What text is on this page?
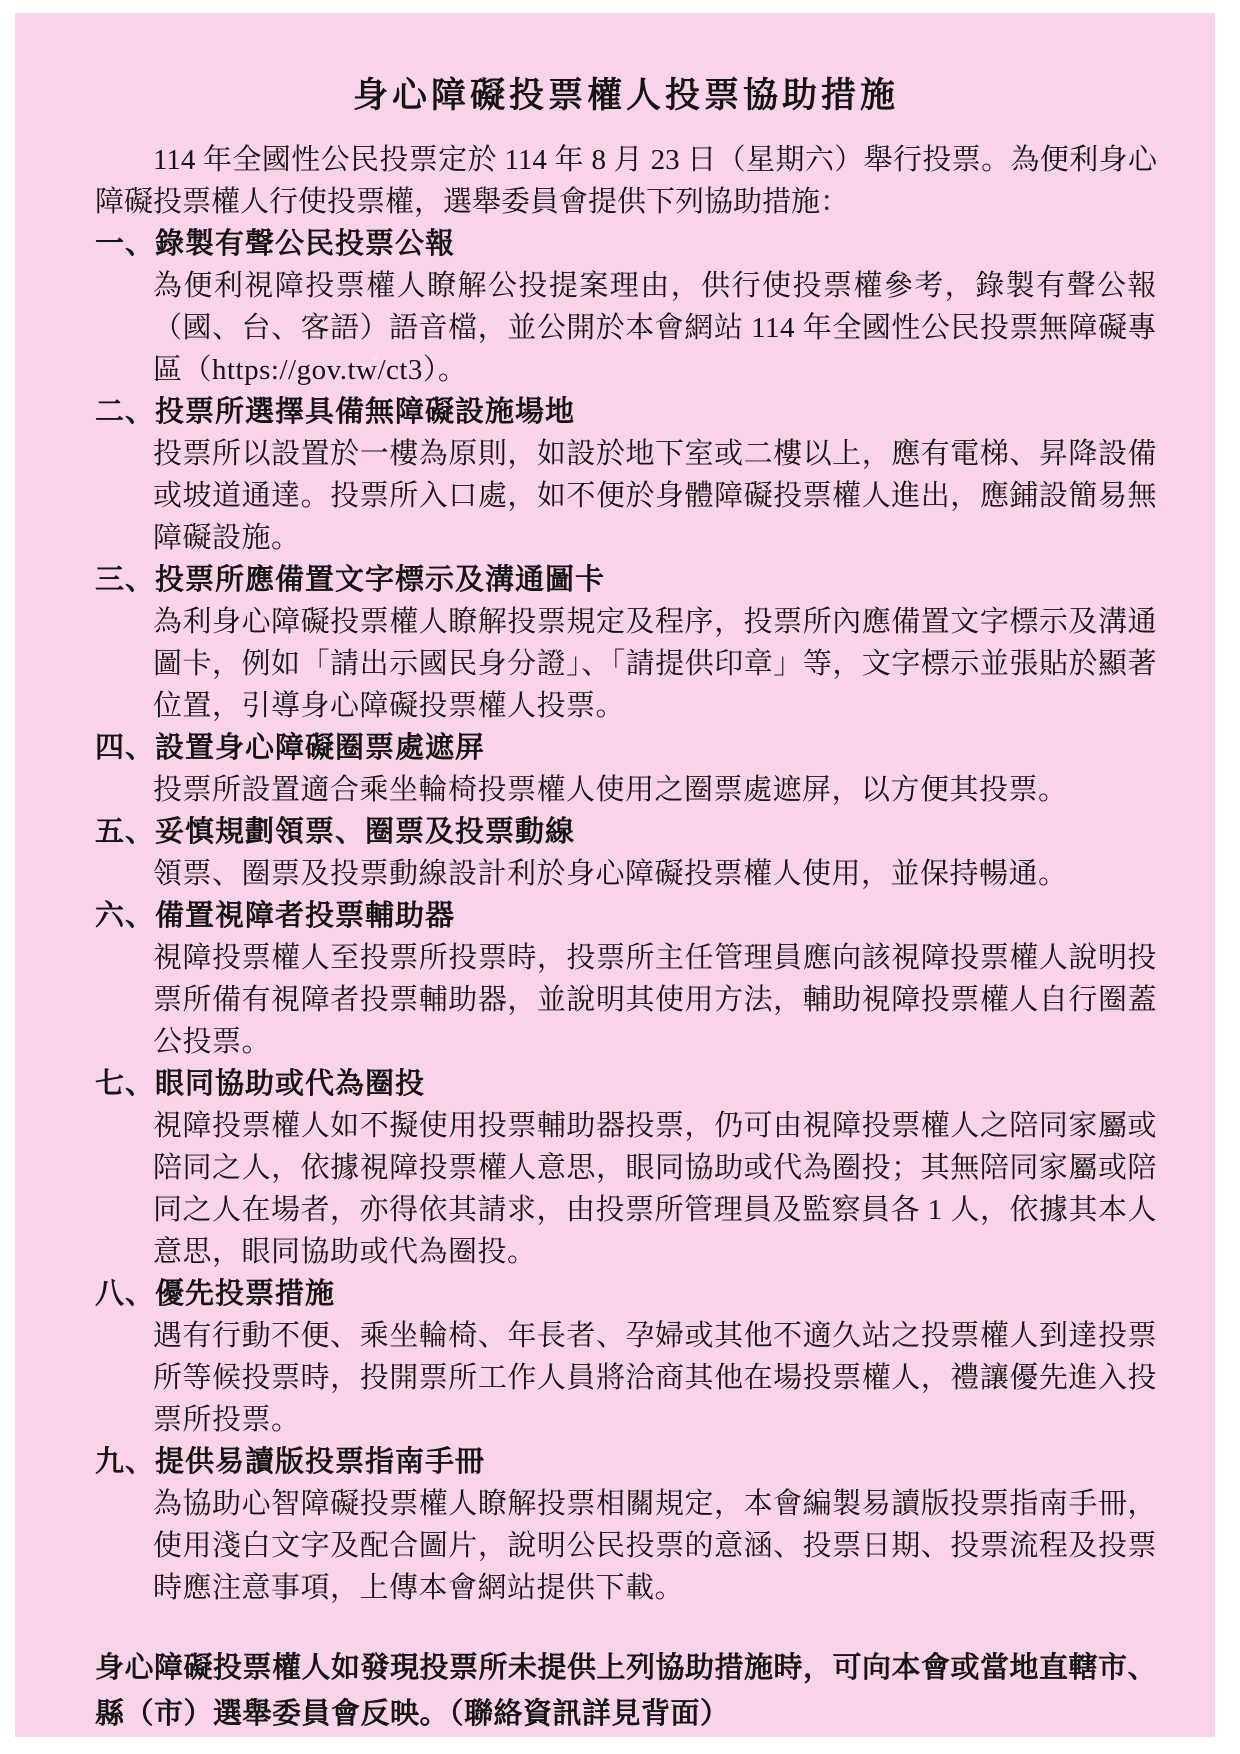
身心障礙投票權人投票協助措施

114 年全國性公民投票定於 114 年 8 月 23 日（星期六）舉行投票。為便利身心障礙投票權人行使投票權，選舉委員會提供下列協助措施：

一、錄製有聲公民投票公報
為便利視障投票權人瞭解公投提案理由，供行使投票權參考，錄製有聲公報（國、台、客語）語音檔，並公開於本會網站 114 年全國性公民投票無障礙專區（https://gov.tw/ct3）。
二、投票所選擇具備無障礙設施場地
投票所以設置於一樓為原則，如設於地下室或二樓以上，應有電梯、昇降設備或坡道通達。投票所入口處，如不便於身體障礙投票權人進出，應鋪設簡易無障礙設施。
三、投票所應備置文字標示及溝通圖卡
為利身心障礙投票權人瞭解投票規定及程序，投票所內應備置文字標示及溝通圖卡，例如「請出示國民身分證」、「請提供印章」等，文字標示並張貼於顯著位置，引導身心障礙投票權人投票。
四、設置身心障礙圈票處遮屏
投票所設置適合乘坐輪椅投票權人使用之圈票處遮屏，以方便其投票。
五、妥慎規劃領票、圈票及投票動線
領票、圈票及投票動線設計利於身心障礙投票權人使用，並保持暢通。
六、備置視障者投票輔助器
視障投票權人至投票所投票時，投票所主任管理員應向該視障投票權人說明投票所備有視障者投票輔助器，並說明其使用方法，輔助視障投票權人自行圈蓋公投票。
七、眼同協助或代為圈投
視障投票權人如不擬使用投票輔助器投票，仍可由視障投票權人之陪同家屬或陪同之人，依據視障投票權人意思，眼同協助或代為圈投；其無陪同家屬或陪同之人在場者，亦得依其請求，由投票所管理員及監察員各 1 人，依據其本人意思，眼同協助或代為圈投。
八、優先投票措施
遇有行動不便、乘坐輪椅、年長者、孕婦或其他不適久站之投票權人到達投票所等候投票時，投開票所工作人員將洽商其他在場投票權人，禮讓優先進入投票所投票。
九、提供易讀版投票指南手冊
為協助心智障礙投票權人瞭解投票相關規定，本會編製易讀版投票指南手冊，使用淺白文字及配合圖片，說明公民投票的意涵、投票日期、投票流程及投票時應注意事項，上傳本會網站提供下載。

身心障礙投票權人如發現投票所未提供上列協助措施時，可向本會或當地直轄市、縣（市）選舉委員會反映。（聯絡資訊詳見背面）
